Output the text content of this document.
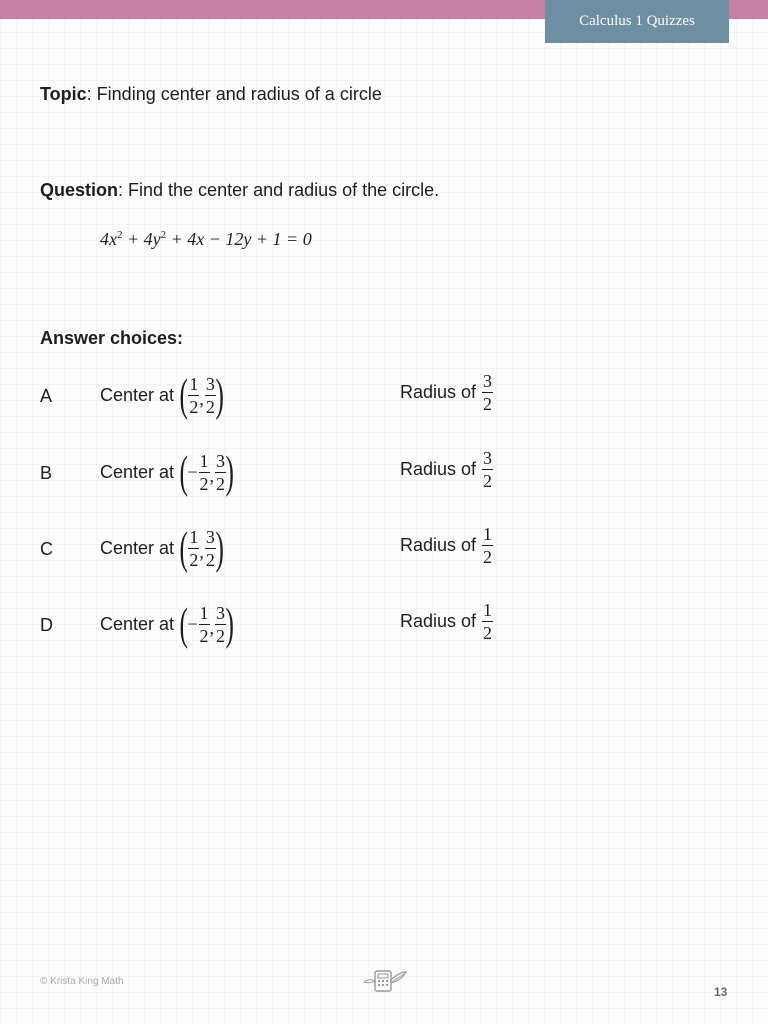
Calculus 1 Quizzes
Topic: Finding center and radius of a circle
Question: Find the center and radius of the circle.
$4x^2 + 4y^2 + 4x - 12y + 1 = 0$
Answer choices:
A	Center at ( $\frac{1}{2}$ , $\frac{3}{2}$ )	Radius of $\frac{3}{2}$
B	Center at ( − $\frac{1}{2}$ , $\frac{3}{2}$ )	Radius of $\frac{3}{2}$
C	Center at ( $\frac{1}{2}$ , $\frac{3}{2}$ )	Radius of $\frac{1}{2}$
D	Center at ( − $\frac{1}{2}$ , $\frac{3}{2}$ )	Radius of $\frac{1}{2}$
© Krista King Math
13
